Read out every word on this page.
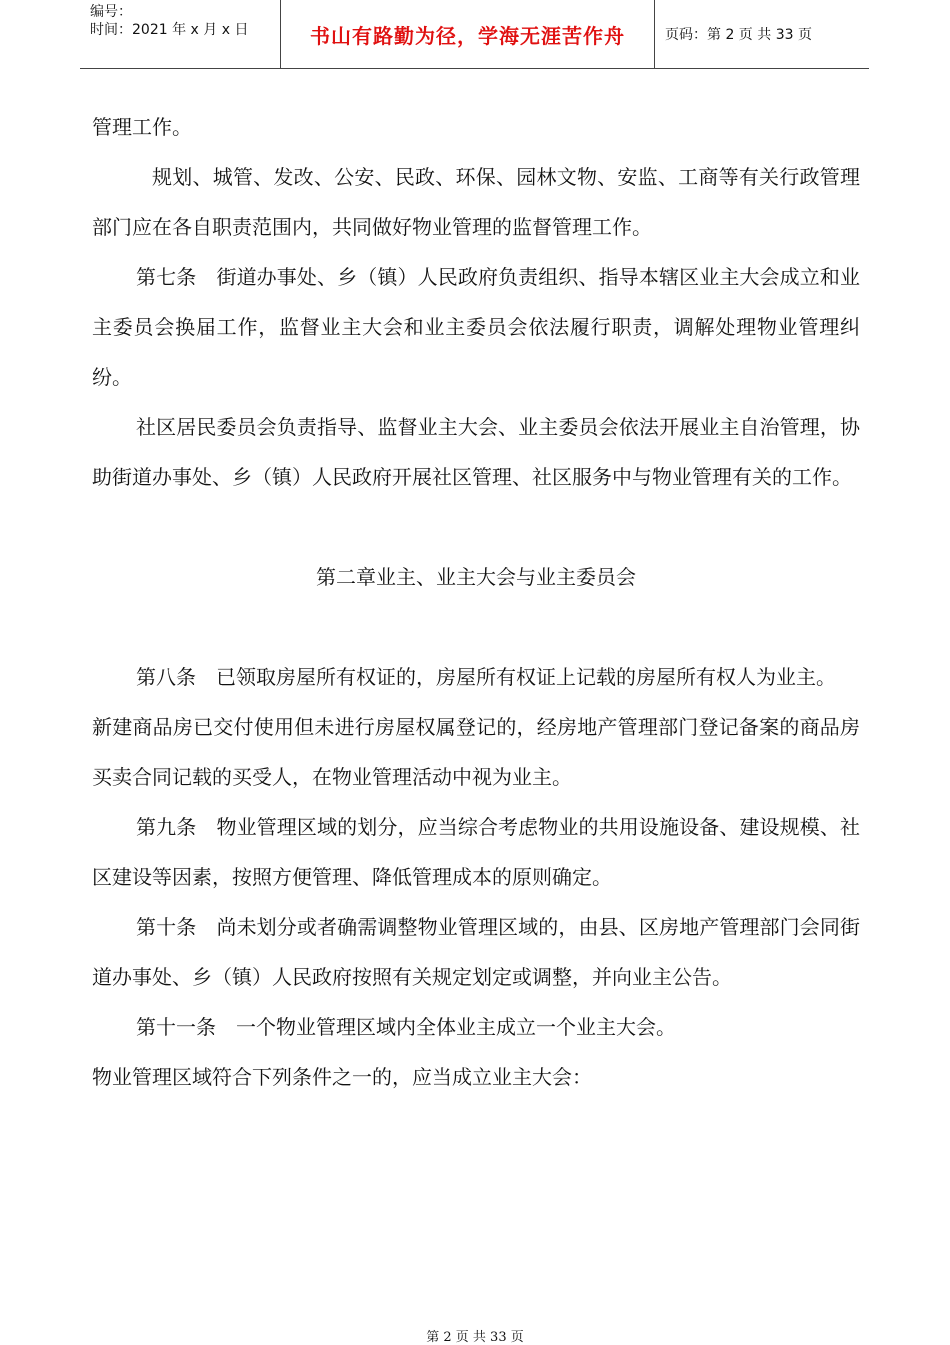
编号：
时间：2021 年 x 月 x 日	书山有路勤为径，学海无涯苦作舟	页码：第 2 页 共 33 页

管理工作。

规划、城管、发改、公安、民政、环保、园林文物、安监、工商等有关行政管理部门应在各自职责范围内，共同做好物业管理的监督管理工作。

第七条　街道办事处、乡（镇）人民政府负责组织、指导本辖区业主大会成立和业主委员会换届工作，监督业主大会和业主委员会依法履行职责，调解处理物业管理纠纷。

社区居民委员会负责指导、监督业主大会、业主委员会依法开展业主自治管理，协助街道办事处、乡（镇）人民政府开展社区管理、社区服务中与物业管理有关的工作。

第二章业主、业主大会与业主委员会

第八条　已领取房屋所有权证的，房屋所有权证上记载的房屋所有权人为业主。

新建商品房已交付使用但未进行房屋权属登记的，经房地产管理部门登记备案的商品房买卖合同记载的买受人，在物业管理活动中视为业主。

第九条　物业管理区域的划分，应当综合考虑物业的共用设施设备、建设规模、社区建设等因素，按照方便管理、降低管理成本的原则确定。

第十条　尚未划分或者确需调整物业管理区域的，由县、区房地产管理部门会同街道办事处、乡（镇）人民政府按照有关规定划定或调整，并向业主公告。

第十一条　一个物业管理区域内全体业主成立一个业主大会。

物业管理区域符合下列条件之一的，应当成立业主大会：

第 2 页 共 33 页
